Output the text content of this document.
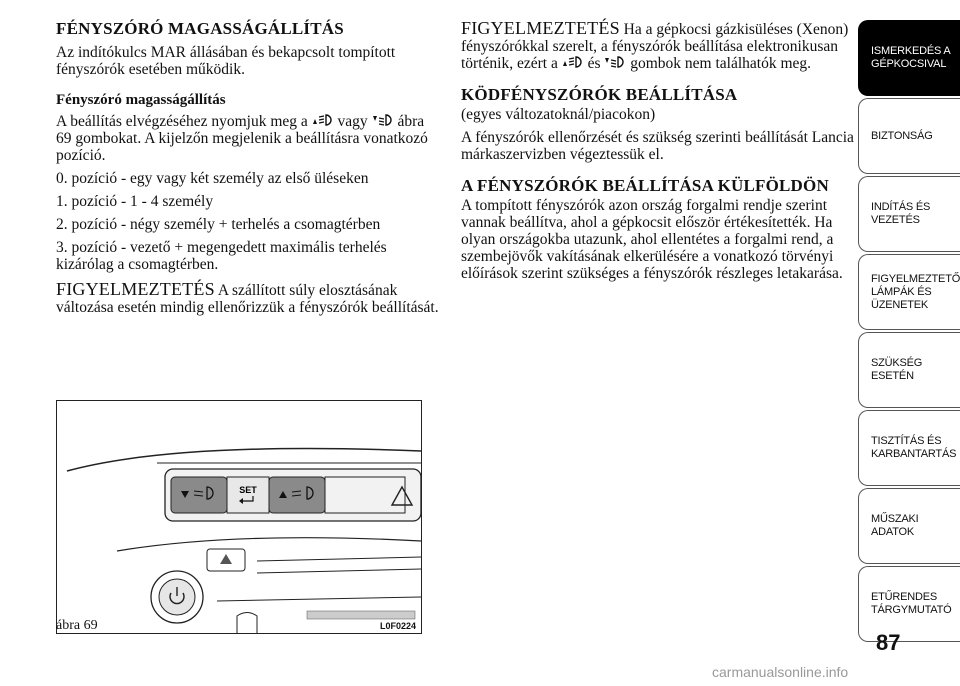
FÉNYSZÓRÓ MAGASSÁGÁLLÍTÁS

Az indítókulcs MAR állásában és bekapcsolt tompított fényszórók esetében működik.

Fényszóró magasságállítás

A beállítás elvégzéséhez nyomjuk meg a vagy ábra 69 gombokat. A kijelzőn megjelenik a beállításra vonatkozó pozíció.

0. pozíció - egy vagy két személy az első üléseken

1. pozíció - 1 - 4 személy

2. pozíció - négy személy + terhelés a csomagtérben

3. pozíció - vezető + megengedett maximális terhelés kizárólag a csomagtérben.

FIGYELMEZTETÉS A szállított súly elosztásának változása esetén mindig ellenőrizzük a fényszórók beállítását.

FIGYELMEZTETÉS Ha a gépkocsi gázkisüléses (Xenon) fényszórókkal szerelt, a fényszórók beállítása elektronikusan történik, ezért a és gombok nem találhatók meg.

KÖDFÉNYSZÓRÓK BEÁLLÍTÁSA

(egyes változatoknál/piacokon)

A fényszórók ellenőrzését és szükség szerinti beállítását Lancia márkaszervizben végeztessük el.

A FÉNYSZÓRÓK BEÁLLÍTÁSA KÜLFÖLDÖN

A tompított fényszórók azon ország forgalmi rendje szerint vannak beállítva, ahol a gépkocsit először értékesítették. Ha olyan országokba utazunk, ahol ellentétes a forgalmi rend, a szembejövők vakításának elkerülésére a vonatkozó törvényi előírások szerint szükséges a fényszórók részleges letakarása.

SET
ábra 69	L0F0224
ISMERKEDÉS A GÉPKOCSIVAL
BIZTONSÁG
INDÍTÁS ÉS VEZETÉS
FIGYELMEZTETŐ LÁMPÁK ÉS ÜZENETEK
SZÜKSÉG ESETÉN
TISZTÍTÁS ÉS KARBANTARTÁS
MŰSZAKI ADATOK
ETŰRENDES TÁRGYMUTATÓ
87
carmanualsonline.info
